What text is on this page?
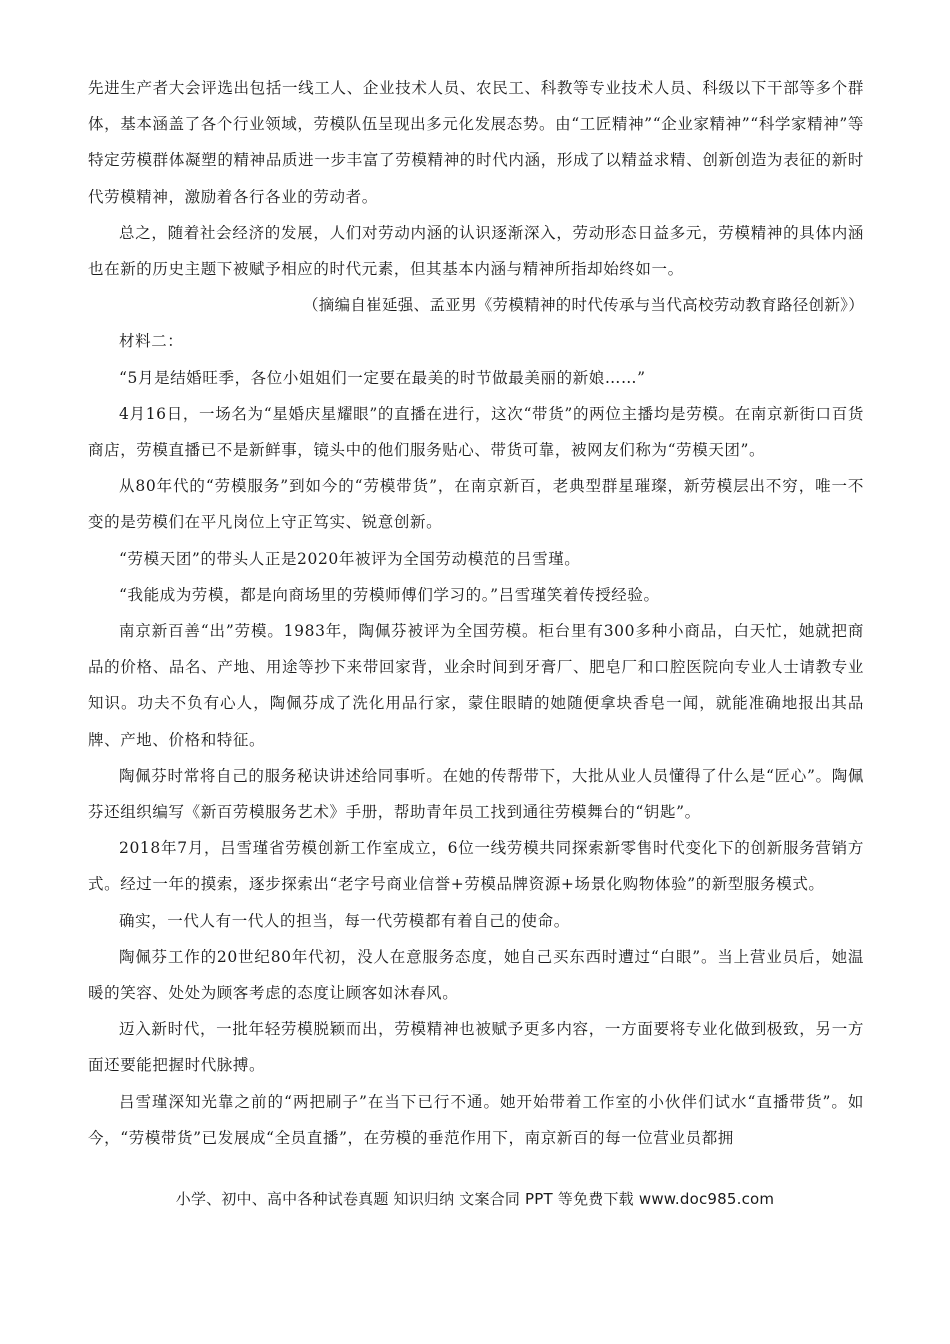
先进生产者大会评选出包括一线工人、企业技术人员、农民工、科教等专业技术人员、科级以下干部等多个群体，基本涵盖了各个行业领域，劳模队伍呈现出多元化发展态势。由“工匠精神”“企业家精神”“科学家精神”等特定劳模群体凝塑的精神品质进一步丰富了劳模精神的时代内涵，形成了以精益求精、创新创造为表征的新时代劳模精神，激励着各行各业的劳动者。

总之，随着社会经济的发展，人们对劳动内涵的认识逐渐深入，劳动形态日益多元，劳模精神的具体内涵也在新的历史主题下被赋予相应的时代元素，但其基本内涵与精神所指却始终如一。

（摘编自崔延强、孟亚男《劳模精神的时代传承与当代高校劳动教育路径创新》）

材料二：

“5月是结婚旺季，各位小姐姐们一定要在最美的时节做最美丽的新娘……”

4月16日，一场名为“星婚庆星耀眼”的直播在进行，这次“带货”的两位主播均是劳模。在南京新街口百货商店，劳模直播已不是新鲜事，镜头中的他们服务贴心、带货可靠，被网友们称为“劳模天团”。

从80年代的“劳模服务”到如今的“劳模带货”，在南京新百，老典型群星璀璨，新劳模层出不穷，唯一不变的是劳模们在平凡岗位上守正笃实、锐意创新。

“劳模天团”的带头人正是2020年被评为全国劳动模范的吕雪瑾。

“我能成为劳模，都是向商场里的劳模师傅们学习的。”吕雪瑾笑着传授经验。

南京新百善“出”劳模。1983年，陶佩芬被评为全国劳模。柜台里有300多种小商品，白天忙，她就把商品的价格、品名、产地、用途等抄下来带回家背，业余时间到牙膏厂、肥皂厂和口腔医院向专业人士请教专业知识。功夫不负有心人，陶佩芬成了洗化用品行家，蒙住眼睛的她随便拿块香皂一闻，就能准确地报出其品牌、产地、价格和特征。

陶佩芬时常将自己的服务秘诀讲述给同事听。在她的传帮带下，大批从业人员懂得了什么是“匠心”。陶佩芬还组织编写《新百劳模服务艺术》手册，帮助青年员工找到通往劳模舞台的“钥匙”。

2018年7月，吕雪瑾省劳模创新工作室成立，6位一线劳模共同探索新零售时代变化下的创新服务营销方式。经过一年的摸索，逐步探索出“老字号商业信誉+劳模品牌资源+场景化购物体验”的新型服务模式。

确实，一代人有一代人的担当，每一代劳模都有着自己的使命。

陶佩芬工作的20世纪80年代初，没人在意服务态度，她自己买东西时遭过“白眼”。当上营业员后，她温暖的笑容、处处为顾客考虑的态度让顾客如沐春风。

迈入新时代，一批年轻劳模脱颖而出，劳模精神也被赋予更多内容，一方面要将专业化做到极致，另一方面还要能把握时代脉搏。

吕雪瑾深知光靠之前的“两把刷子”在当下已行不通。她开始带着工作室的小伙伴们试水“直播带货”。如今，“劳模带货”已发展成“全员直播”，在劳模的垂范作用下，南京新百的每一位营业员都拥

小学、初中、高中各种试卷真题 知识归纳 文案合同 PPT 等免费下载 www.doc985.com
